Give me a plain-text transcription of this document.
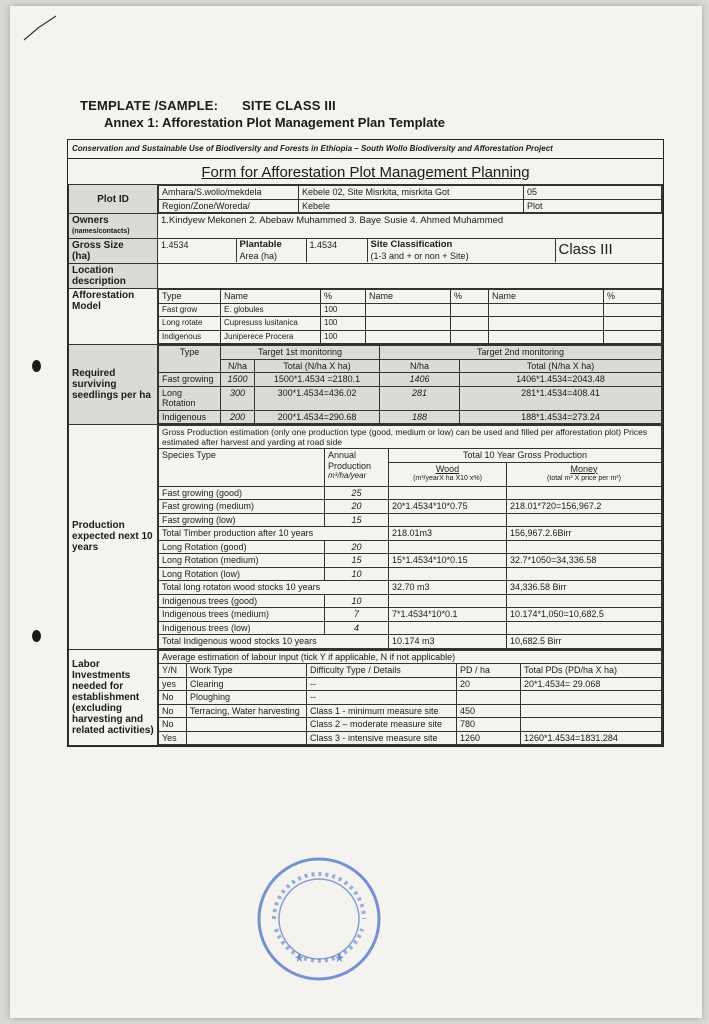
TEMPLATE /SAMPLE: SITE CLASS III
Annex 1: Afforestation Plot Management Plan Template
Conservation and Sustainable Use of Biodiversity and Forests in Ethiopia – South Wollo Biodiversity and Afforestation Project
Form for Afforestation Plot Management Planning
Plot ID	
Amhara/S.wollo/mekdela	Kebele 02, Site Misrkita, misrkita Got	05
Region/Zone/Woreda/	Kebele	Plot

Owners
(names/contacts)
	1.Kindyew Mekonen 2. Abebaw Muhammed 3. Baye Susie 4. Ahmed Muhammed

Gross Size
(ha)

1.4534	Plantable
Area (ha)
	1.4534	Site Classification
(1-3 and + or non + Site)	Class III

Location
description

Afforestation
Model

Type	Name	%	Name	%	Name	%
Fast grow	E. globules	100				
Long rotate	Cupresuss lusitanica	100				
Indigenous	Juniperece Procera	100				

Required surviving seedlings per ha	
Type	Target 1st monitoring	Target 2nd monitoring
N/ha	Total (N/ha X ha)	N/ha	Total (N/ha X ha)
Fast growing	1500	1500*1.4534 =2180.1	1406	1406*1.4534=2043.48
Long Rotation	300	300*1.4534=436.02	281	281*1.4534=408.41
Indigenous	200	200*1.4534=290.68	188	188*1.4534=273.24

Production expected next 10 years	
Gross Production estimation (only one production type (good, medium or low) can be used and filled per afforestation plot) Prices estimated after harvest and yarding at road side
Species Type	Annual Production
m³/ha/year
	Total 10 Year Gross Production

Wood
(m³/yearX ha X10 x%)

Money
(total m³ X price per m³)

Fast growing (good)	25		
Fast growing (medium)	20	20*1.4534*10*0.75	218.01*720=156,967.2
Fast growing (low)	15		
Total Timber production after 10 years	218.01m3	156,967.2.6Birr
Long Rotation (good)	20		
Long Rotation (medium)	15	15*1.4534*10*0.15	32.7*1050=34,336.58
Long Rotation (low)	10		
Total long rotaton wood stocks 10 years	32.70 m3	34,336.58 Birr
Indigenous trees (good)	10		
Indigenous trees (medium)	7	7*1.4534*10*0.1	10.174*1,050=10,682.5
Indigenous trees (low)	4		
Total Indigenous wood stocks 10 years	10.174 m3	10,682.5 Birr

Labor Investments needed for establishment (excluding harvesting and related activities)	
Average estimation of labour input (tick Y if applicable, N if not applicable)
Y/N	Work Type	Difficulty Type / Details	PD / ha	Total PDs (PD/ha X ha)
yes	Clearing	--	20	20*1.4534= 29.068
No	Ploughing	--		
No	Terracing, Water harvesting	Class 1 - minimum measure site	450	
No		Class 2 – moderate measure site	780	
Yes		Class 3 - intensive measure site	1260	1260*1.4534=1831.284
★ ★
